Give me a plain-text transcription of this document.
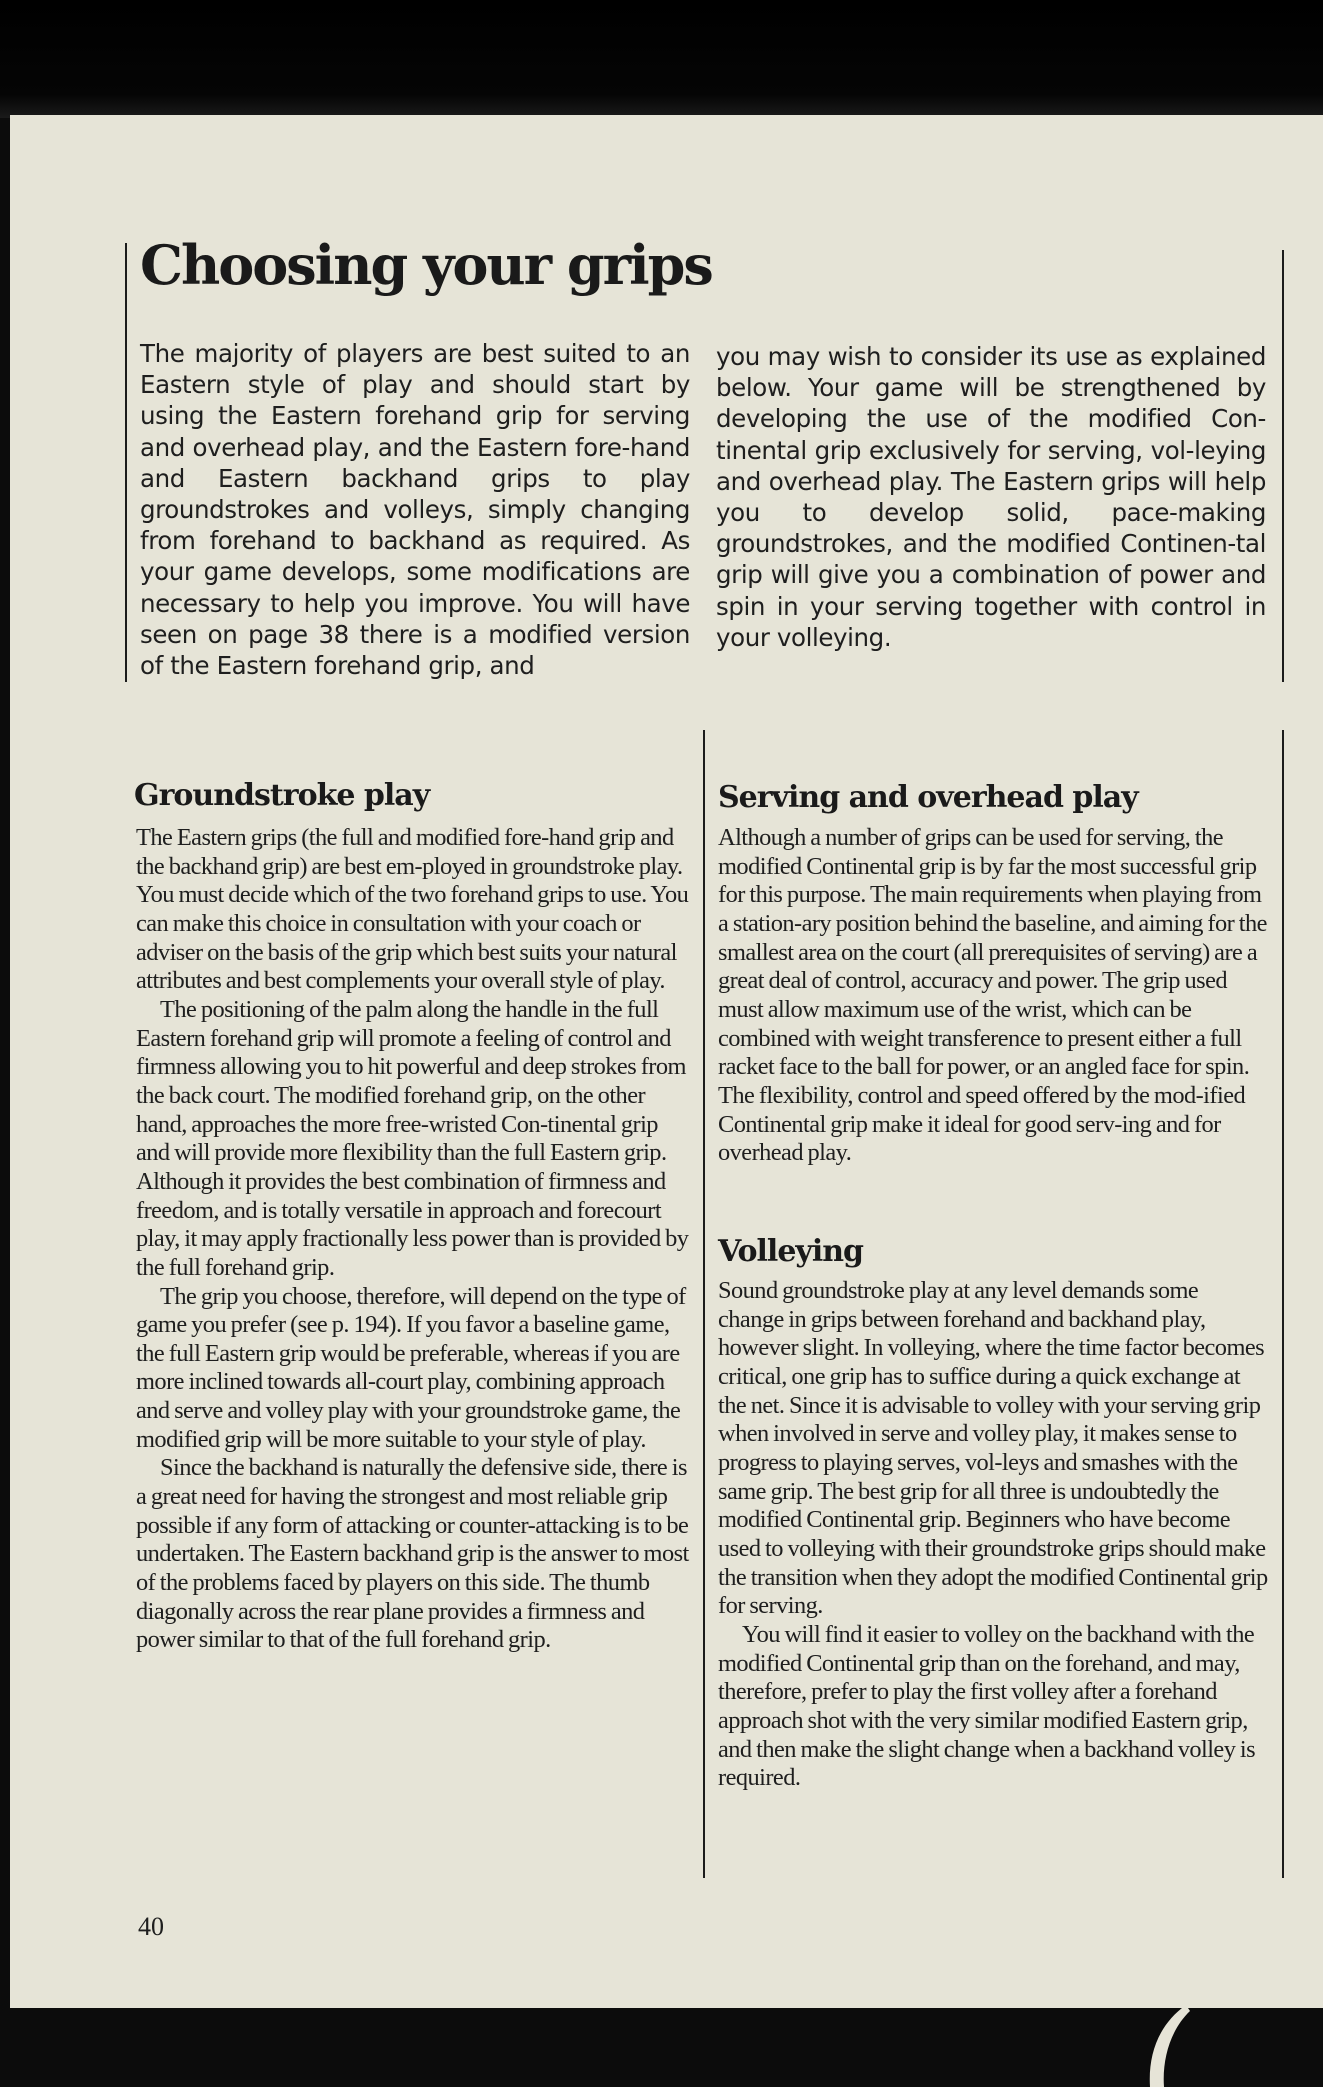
Choosing your grips

The majority of players are best suited to an Eastern style of play and should start by using the Eastern forehand grip for serving and overhead play, and the Eastern fore-hand and Eastern backhand grips to play groundstrokes and volleys, simply changing from forehand to backhand as required. As your game develops, some modifications are necessary to help you improve. You will have seen on page 38 there is a modified version of the Eastern forehand grip, and

you may wish to consider its use as explained below. Your game will be strengthened by developing the use of the modified Con-tinental grip exclusively for serving, vol-leying and overhead play. The Eastern grips will help you to develop solid, pace-making groundstrokes, and the modified Continen-tal grip will give you a combination of power and spin in your serving together with control in your volleying.

Groundstroke play

The Eastern grips (the full and modified fore-hand grip and the backhand grip) are best em-ployed in groundstroke play. You must decide which of the two forehand grips to use. You can make this choice in consultation with your coach or adviser on the basis of the grip which best suits your natural attributes and best complements your overall style of play.

The positioning of the palm along the handle in the full Eastern forehand grip will promote a feeling of control and firmness allowing you to hit powerful and deep strokes from the back court. The modified forehand grip, on the other hand, approaches the more free-wristed Con-tinental grip and will provide more flexibility than the full Eastern grip. Although it provides the best combination of firmness and freedom, and is totally versatile in approach and forecourt play, it may apply fractionally less power than is provided by the full forehand grip.

The grip you choose, therefore, will depend on the type of game you prefer (see p. 194). If you favor a baseline game, the full Eastern grip would be preferable, whereas if you are more inclined towards all-court play, combining approach and serve and volley play with your groundstroke game, the modified grip will be more suitable to your style of play.

Since the backhand is naturally the defensive side, there is a great need for having the strongest and most reliable grip possible if any form of attacking or counter-attacking is to be undertaken. The Eastern backhand grip is the answer to most of the problems faced by players on this side. The thumb diagonally across the rear plane provides a firmness and power similar to that of the full forehand grip.

Serving and overhead play

Although a number of grips can be used for serving, the modified Continental grip is by far the most successful grip for this purpose. The main requirements when playing from a station-ary position behind the baseline, and aiming for the smallest area on the court (all prerequisites of serving) are a great deal of control, accuracy and power. The grip used must allow maximum use of the wrist, which can be combined with weight transference to present either a full racket face to the ball for power, or an angled face for spin. The flexibility, control and speed offered by the mod-ified Continental grip make it ideal for good serv-ing and for overhead play.

Volleying

Sound groundstroke play at any level demands some change in grips between forehand and backhand play, however slight. In volleying, where the time factor becomes critical, one grip has to suffice during a quick exchange at the net. Since it is advisable to volley with your serving grip when involved in serve and volley play, it makes sense to progress to playing serves, vol-leys and smashes with the same grip. The best grip for all three is undoubtedly the modified Continental grip. Beginners who have become used to volleying with their groundstroke grips should make the transition when they adopt the modified Continental grip for serving.

You will find it easier to volley on the backhand with the modified Continental grip than on the forehand, and may, therefore, prefer to play the first volley after a forehand approach shot with the very similar modified Eastern grip, and then make the slight change when a backhand volley is required.

40
